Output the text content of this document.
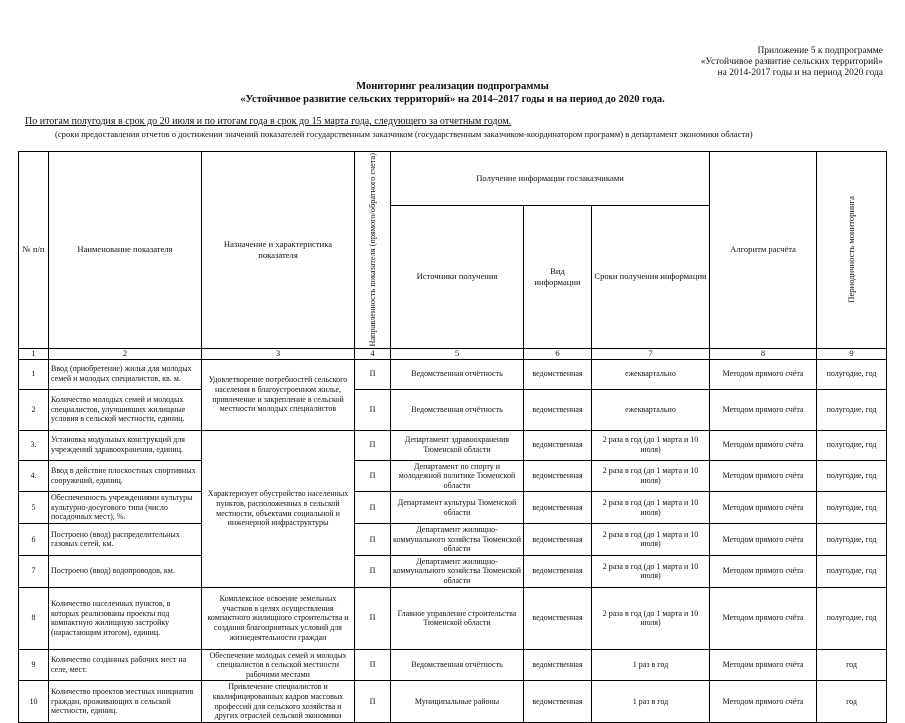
Приложение 5 к подпрограмме
«Устойчивое развитие сельских территорий»
на 2014-2017 годы и на период 2020 года
Мониторинг реализации подпрограммы
«Устойчивое развитие сельских территорий» на 2014–2017 годы и на период до 2020 года.
По итогам полугодия в срок до 20 июля и по итогам года в срок до 15 марта года, следующего за отчетным годом.
(сроки предоставления отчетов о достижении значений показателей государственным заказчиком (государственным заказчиком-координатором программ) в департамент экономики области)
№ п/п	Наименование показателя	Назначение и характеристика показателя	Направленность показателя (прямого/обратного счета)	Получение информации госзаказчиками			Алгоритм расчёта	Периодичность мониторинга

				Источники получения	Вид информации	Сроки получения информации		
1	2	3	4	5	6	7	8	9
1	Ввод (приобретение) жилья для молодых семей и молодых специалистов, кв. м.	Удовлетворение потребностей сельского населения в благоустроенном жилье, привлечение и закрепление в сельской местности молодых специалистов	П	Ведомственная отчётность	ведомственная	ежеквартально	Методом прямого счёта	полугодие, год
2	Количество молодых семей и молодых специалистов, улучшивших жилищные условия в сельской местности, единиц.		П	Ведомственная отчётность	ведомственная	ежеквартально	Методом прямого счёта	полугодие, год
3.	Установка модульных конструкций для учреждений здравоохранения, единиц.	Характеризует обустройство населенных пунктов, расположенных в сельской местности, объектами социальной и инженерной инфраструктуры	П	Департамент здравоохранения Тюменской области	ведомственная	2 раза в год (до 1 марта и 10 июля)	Методом прямого счёта	полугодие, год
4.	Ввод в действие плоскостных спортивных сооружений, единиц.		П	Департамент по спорту и молодежной политике Тюменской области	ведомственная	2 раза в год (до 1 марта и 10 июля)	Методом прямого счёта	полугодие, год
5	Обеспеченность учреждениями культуры культурно-досугового типа (число посадочных мест), %.		П	Департамент культуры Тюменской области	ведомственная	2 раза в год (до 1 марта и 10 июля)	Методом прямого счёта	полугодие, год
6	Построено (ввод) распределительных газовых сетей, км.		П	Департамент жилищно-коммунального хозяйства Тюменской области	ведомственная	2 раза в год (до 1 марта и 10 июля)	Методом прямого счёта	полугодие, год
7	Построено (ввод) водопроводов, км.		П	Департамент жилищно-коммунального хозяйства Тюменской области	ведомственная	2 раза в год (до 1 марта и 10 июля)	Методом прямого счёта	полугодие, год
8	Количество населенных пунктов, в которых реализованы проекты под компактную жилищную застройку (нарастающим итогом), единиц.	Комплексное освоение земельных участков в целях осуществления компактного жилищного строительства и создания благоприятных условий для жизнедеятельности граждан	П	Главное управление строительства Тюменской области	ведомственная	2 раза в год (до 1 марта и 10 июля)	Методом прямого счёта	полугодие, год
9	Количество созданных рабочих мест на селе, мест.	Обеспечение молодых семей и молодых специалистов в сельской местности рабочими местами	П	Ведомственная отчётность	ведомственная	1 раз в год	Методом прямого счёта	год
10	Количество проектов местных инициатив граждан, проживающих в сельской местности, единиц.	Привлечение специалистов и квалифицированных кадров массовых профессий для сельского хозяйства и других отраслей сельской экономики	П	Муниципальные районы	ведомственная	1 раз в год	Методом прямого счёта	год
